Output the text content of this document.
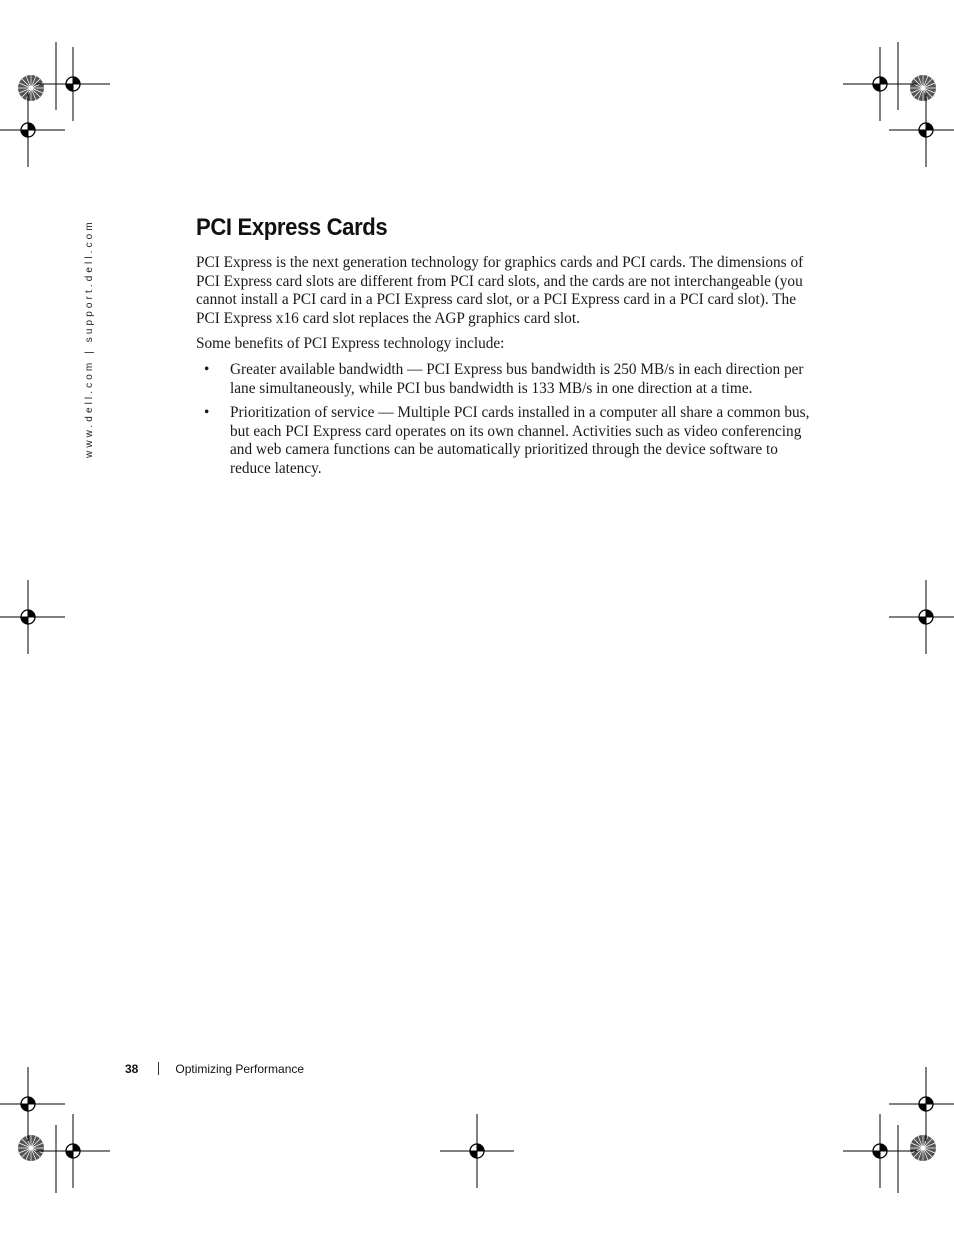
www.dell.com | support.dell.com	PCI Express Cards

PCI Express is the next generation technology for graphics cards and PCI cards. The dimensions of PCI Express card slots are different from PCI card slots, and the cards are not interchangeable (you cannot install a PCI card in a PCI Express card slot, or a PCI Express card in a PCI card slot). The PCI Express x16 card slot replaces the AGP graphics card slot.

Some benefits of PCI Express technology include:

• Greater available bandwidth — PCI Express bus bandwidth is 250 MB/s in each direction per lane simultaneously, while PCI bus bandwidth is 133 MB/s in one direction at a time.
• Prioritization of service — Multiple PCI cards installed in a computer all share a common bus, but each PCI Express card operates on its own channel. Activities such as video conferencing and web camera functions can be automatically prioritized through the device software to reduce latency.
38	Optimizing Performance
